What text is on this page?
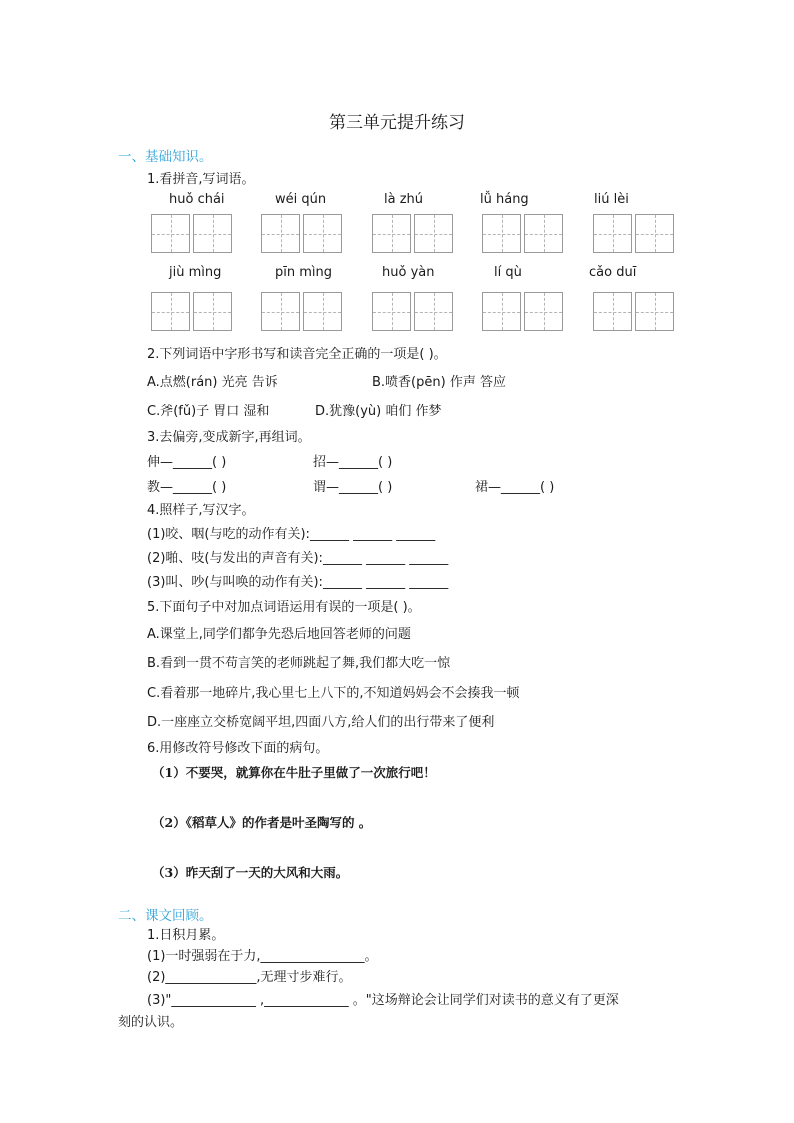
第三单元提升练习
一、基础知识。
1.看拼音,写词语。
huǒ chái	wéi qún	là zhú	lǚ háng	liú lèi
jiù mìng	pīn mìng	huǒ yàn	lí qù	cǎo duī
2.下列词语中字形书写和读音完全正确的一项是( )。
A.点燃(rán) 光亮 告诉	B.喷香(pēn) 作声 答应
C.斧(fǔ)子 胃口 湿和	D.犹豫(yù) 咱们 作梦
3.去偏旁,变成新字,再组词。
伸—______( )	招—______( )
教—______( )	谓—______( )	裙—______( )
4.照样子,写汉字。
(1)咬、咽(与吃的动作有关):______ ______ ______
(2)啪、吱(与发出的声音有关):______ ______ ______
(3)叫、吵(与叫唤的动作有关):______ ______ ______
5.下面句子中对加点词语运用有误的一项是( )。
A.课堂上,同学们都争先恐后地回答老师的问题
B.看到一贯不苟言笑的老师跳起了舞,我们都大吃一惊
C.看着那一地碎片,我心里七上八下的,不知道妈妈会不会揍我一顿
D.一座座立交桥宽阔平坦,四面八方,给人们的出行带来了便利
6.用修改符号修改下面的病句。
（1）不要哭，就算你在牛肚子里做了一次旅行吧！
（2）《稻草人》的作者是叶圣陶写的 。
（3）昨天刮了一天的大风和大雨。
二、课文回顾。
1.日积月累。
(1)一时强弱在于力,________________。
(2)______________,无理寸步难行。
(3)"_____________ ,_____________ 。"这场辩论会让同学们对读书的意义有了更深
刻的认识。
